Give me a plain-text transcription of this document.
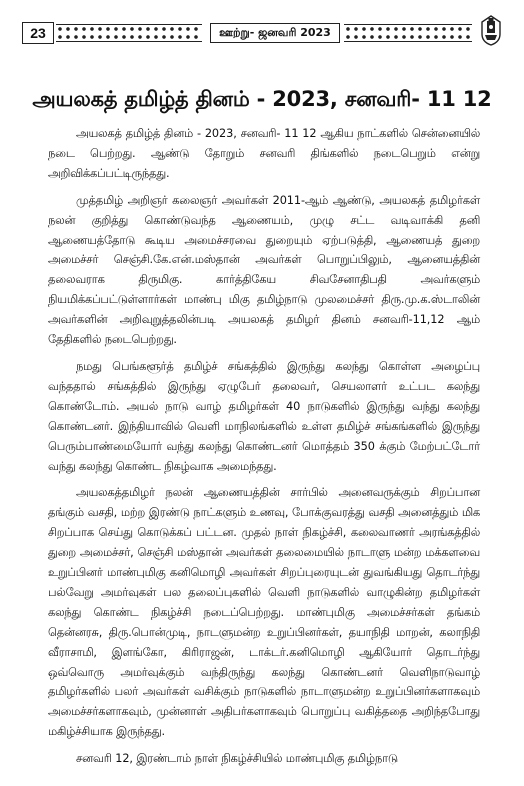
23	ஊற்று- ஜனவரி 2023
அயலகத் தமிழ்த் தினம் - 2023, சனவரி- 11 12

அயலகத் தமிழ்த் தினம் - 2023, சனவரி- 11 12 ஆகிய நாட்களில் சென்னையில் நடை பெற்றது. ஆண்டு தோறும் சனவரி திங்களில் நடைபெறும் என்று அறிவிக்கப்பட்டிருந்தது.

முத்தமிழ் அறிஞர் கலைஞர் அவர்கள் 2011-ஆம் ஆண்டு, அயலகத் தமிழர்கள் நலன் குறித்து கொண்டுவந்த ஆணையம், முழு சட்ட வடிவாக்கி தனி ஆணையத்தோடு கூடிய அமைச்சரவை துறையும் ஏற்படுத்தி, ஆணையத் துறை அமைச்சர் செஞ்சி.கே.என்.மஸ்தான் அவர்கள் பொறுப்பிலும், ஆனையத்தின் தலைவராக திருமிகு. கார்த்திகேய சிவசேனாதிபதி அவர்களும் நியமிக்கப்பட்டுள்ளார்கள் மாண்பு மிகு தமிழ்நாடு முலமைச்சர் திரு.மு.க.ஸ்டாலின் அவர்களின் அறிவுறுத்தலின்படி அயலகத் தமிழர் தினம் சனவரி-11,12 ஆம் தேதிகளில் நடைபெற்றது.

நமது பெங்களூர்த் தமிழ்ச் சங்கத்தில் இருந்து கலந்து கொள்ள அழைப்பு வந்ததால் சங்கத்தில் இருந்து ஏழுபேர் தலைவர், செயலாளர் உட்பட கலந்து கொண்டோம். அயல் நாடு வாழ் தமிழர்கள் 40 நாடுகளில் இருந்து வந்து கலந்து கொண்டனர். இந்தியாவில் வெளி மாநிலங்களில் உள்ள தமிழ்ச் சங்கங்களில் இருந்து பெரும்பாண்மையோர் வந்து கலந்து கொண்டனர் மொத்தம் 350 க்கும் மேற்பட்டோர் வந்து கலந்து கொண்ட நிகழ்வாக அமைந்தது.

அயலகத்தமிழர் நலன் ஆணையத்தின் சார்பில் அனைவருக்கும் சிறப்பான தங்கும் வசதி, மற்ற இரண்டு நாட்களும் உணவு, போக்குவரத்து வசதி அனைத்தும் மிக சிறப்பாக செய்து கொடுக்கப் பட்டன. முதல் நாள் நிகழ்ச்சி, கலைவாணர் அரங்கத்தில் துறை அமைச்சர், செஞ்சி மஸ்தான் அவர்கள் தலைமையில் நாடாளு மன்ற மக்களவை உறுப்பினர் மாண்புமிகு கனிமொழி அவர்கள் சிறப்புரையுடன் துவங்கியது தொடர்ந்து பல்வேறு அமர்வுகள் பல தலைப்புகளில் வெளி நாடுகளில் வாழுகின்ற தமிழர்கள் கலந்து கொண்ட நிகழ்ச்சி நடைப்பெற்றது. மாண்புமிகு அமைச்சர்கள் தங்கம் தென்னரசு, திரு.பொன்முடி, நாடளுமன்ற உறுப்பினர்கள், தயாநிதி மாறன், கலாநிதி வீராசாமி, இளங்கோ, கிரிராஜன், டாக்டர்.கனிமொழி ஆகியோர் தொடர்ந்து ஒவ்வொரு அமர்வுக்கும் வந்திருந்து கலந்து கொண்டனர் வெளிநாடுவாழ் தமிழர்களில் பலர் அவர்கள் வசிக்கும் நாடுகளில் நாடாளுமன்ற உறுப்பினர்களாகவும் அமைச்சர்களாகவும், முன்னாள் அதிபர்களாகவும் பொறுப்பு வகித்ததை அறிந்தபோது மகிழ்ச்சியாக இருந்தது.

சனவரி 12, இரண்டாம் நாள் நிகழ்ச்சியில் மாண்புமிகு தமிழ்நாடு
